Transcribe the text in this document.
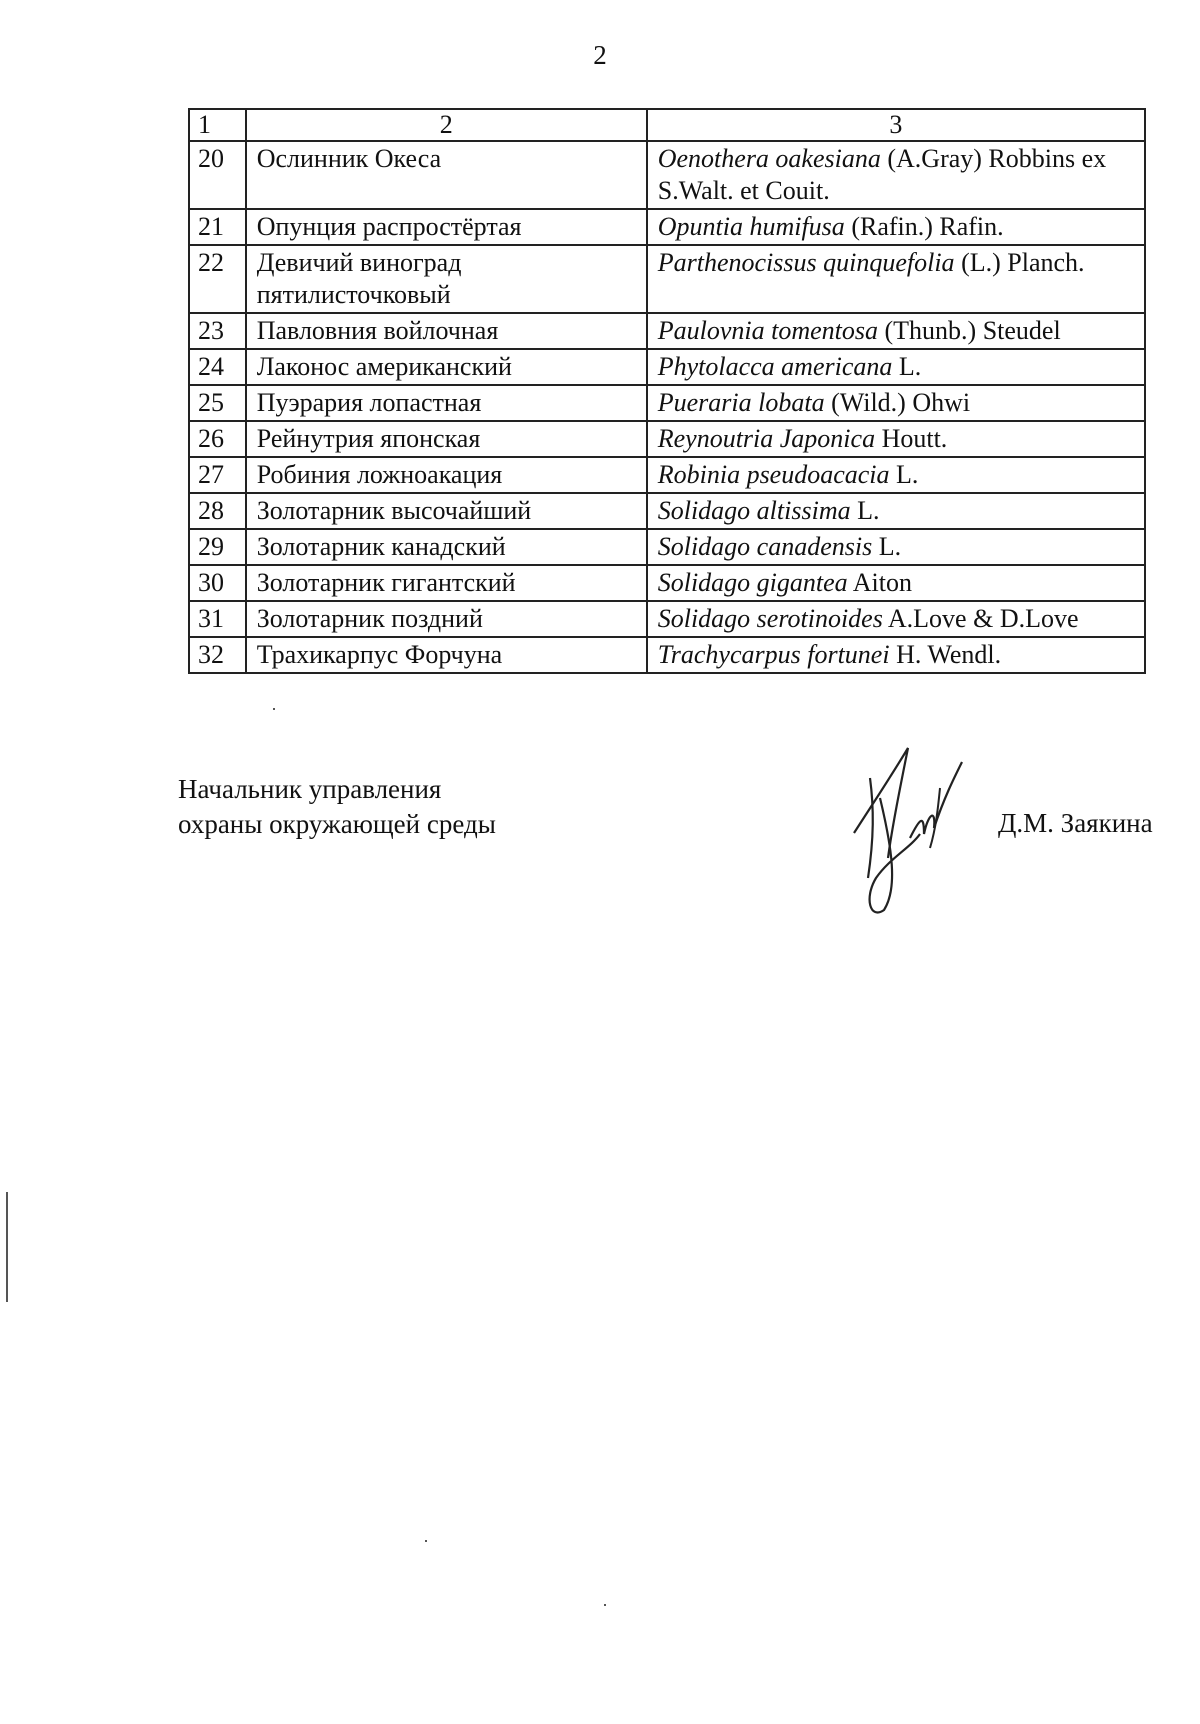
2
1	2	3
20	Ослинник Океса	Oenothera oakesiana (A.Gray) Robbins ex S.Walt. et Couit.
21	Опунция распростёртая	Opuntia humifusa (Rafin.) Rafin.
22	Девичий виноград пятилисточковый	Parthenocissus quinquefolia (L.) Planch.
23	Павловния войлочная	Paulovnia tomentosa (Thunb.) Steudel
24	Лаконос американский	Phytolacca americana L.
25	Пуэрария лопастная	Pueraria lobata (Wild.) Ohwi
26	Рейнутрия японская	Reynoutria Japonica Houtt.
27	Робиния ложноакация	Robinia pseudoacacia L.
28	Золотарник высочайший	Solidago altissima L.
29	Золотарник канадский	Solidago canadensis L.
30	Золотарник гигантский	Solidago gigantea Aiton
31	Золотарник поздний	Solidago serotinoides A.Love & D.Love
32	Трахикарпус Форчуна	Trachycarpus fortunei H. Wendl.
Начальник управления
охраны окружающей среды	Д.М. Заякина
